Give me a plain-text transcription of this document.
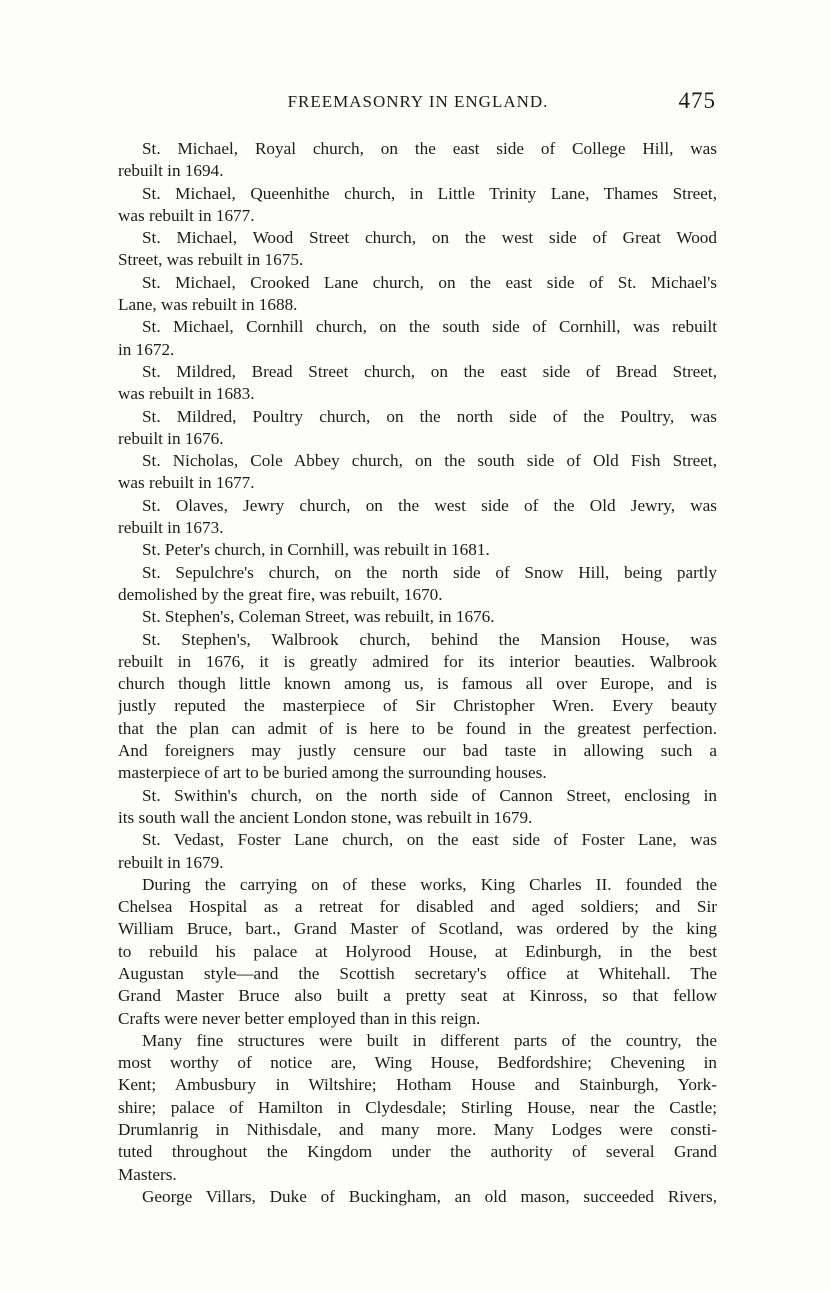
FREEMASONRY IN ENGLAND.	475
St. Michael, Royal church, on the east side of College Hill, was
rebuilt in 1694.
St. Michael, Queenhithe church, in Little Trinity Lane, Thames Street,
was rebuilt in 1677.
St. Michael, Wood Street church, on the west side of Great Wood
Street, was rebuilt in 1675.
St. Michael, Crooked Lane church, on the east side of St. Michael's
Lane, was rebuilt in 1688.
St. Michael, Cornhill church, on the south side of Cornhill, was rebuilt
in 1672.
St. Mildred, Bread Street church, on the east side of Bread Street,
was rebuilt in 1683.
St. Mildred, Poultry church, on the north side of the Poultry, was
rebuilt in 1676.
St. Nicholas, Cole Abbey church, on the south side of Old Fish Street,
was rebuilt in 1677.
St. Olaves, Jewry church, on the west side of the Old Jewry, was
rebuilt in 1673.
St. Peter's church, in Cornhill, was rebuilt in 1681.
St. Sepulchre's church, on the north side of Snow Hill, being partly
demolished by the great fire, was rebuilt, 1670.
St. Stephen's, Coleman Street, was rebuilt, in 1676.
St. Stephen's, Walbrook church, behind the Mansion House, was
rebuilt in 1676, it is greatly admired for its interior beauties. Walbrook
church though little known among us, is famous all over Europe, and is
justly reputed the masterpiece of Sir Christopher Wren. Every beauty
that the plan can admit of is here to be found in the greatest perfection.
And foreigners may justly censure our bad taste in allowing such a
masterpiece of art to be buried among the surrounding houses.
St. Swithin's church, on the north side of Cannon Street, enclosing in
its south wall the ancient London stone, was rebuilt in 1679.
St. Vedast, Foster Lane church, on the east side of Foster Lane, was
rebuilt in 1679.
During the carrying on of these works, King Charles II. founded the
Chelsea Hospital as a retreat for disabled and aged soldiers; and Sir
William Bruce, bart., Grand Master of Scotland, was ordered by the king
to rebuild his palace at Holyrood House, at Edinburgh, in the best
Augustan style—and the Scottish secretary's office at Whitehall. The
Grand Master Bruce also built a pretty seat at Kinross, so that fellow
Crafts were never better employed than in this reign.
Many fine structures were built in different parts of the country, the
most worthy of notice are, Wing House, Bedfordshire; Chevening in
Kent; Ambusbury in Wiltshire; Hotham House and Stainburgh, York-
shire; palace of Hamilton in Clydesdale; Stirling House, near the Castle;
Drumlanrig in Nithisdale, and many more. Many Lodges were consti-
tuted throughout the Kingdom under the authority of several Grand
Masters.
George Villars, Duke of Buckingham, an old mason, succeeded Rivers,
